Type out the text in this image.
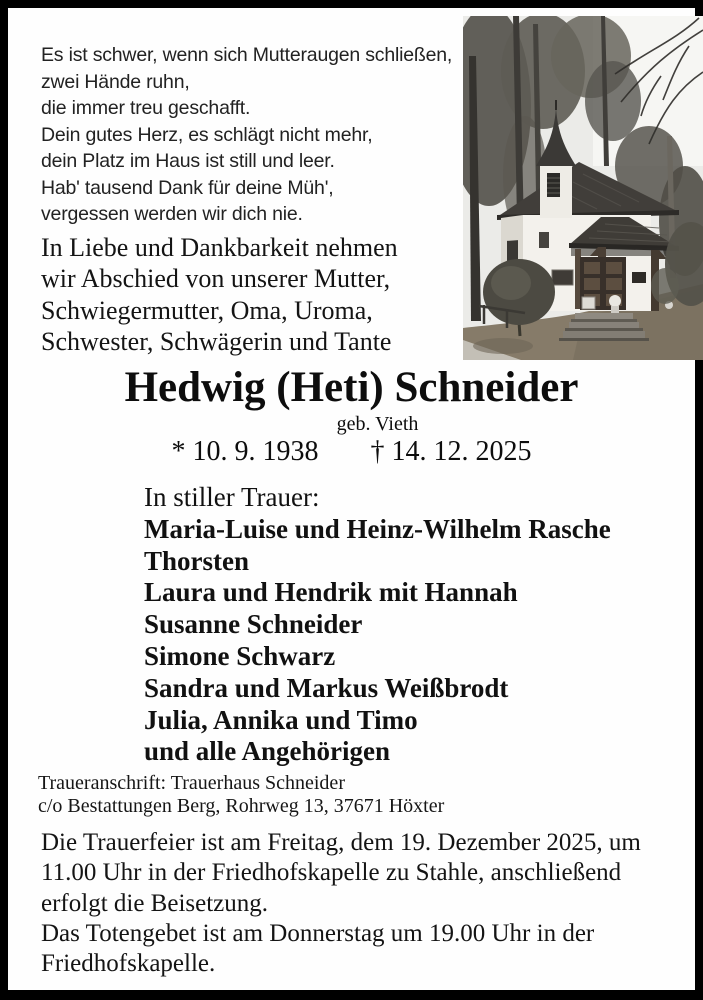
Es ist schwer, wenn sich Mutteraugen schließen,
zwei Hände ruhn,
die immer treu geschafft.
Dein gutes Herz, es schlägt nicht mehr,
dein Platz im Haus ist still und leer.
Hab' tausend Dank für deine Müh',
vergessen werden wir dich nie.
In Liebe und Dankbarkeit nehmen
wir Abschied von unserer Mutter,
Schwiegermutter, Oma, Uroma,
Schwester, Schwägerin und Tante
Hedwig (Heti) Schneider
geb. Vieth
* 10. 9. 1938 † 14. 12. 2025
In stiller Trauer:
Maria-Luise und Heinz-Wilhelm Rasche
Thorsten
Laura und Hendrik mit Hannah
Susanne Schneider
Simone Schwarz
Sandra und Markus Weißbrodt
Julia, Annika und Timo
und alle Angehörigen
Traueranschrift: Trauerhaus Schneider
c/o Bestattungen Berg, Rohrweg 13, 37671 Höxter
Die Trauerfeier ist am Freitag, dem 19. Dezember 2025, um
11.00 Uhr in der Friedhofskapelle zu Stahle, anschließend
erfolgt die Beisetzung.
Das Totengebet ist am Donnerstag um 19.00 Uhr in der
Friedhofskapelle.
